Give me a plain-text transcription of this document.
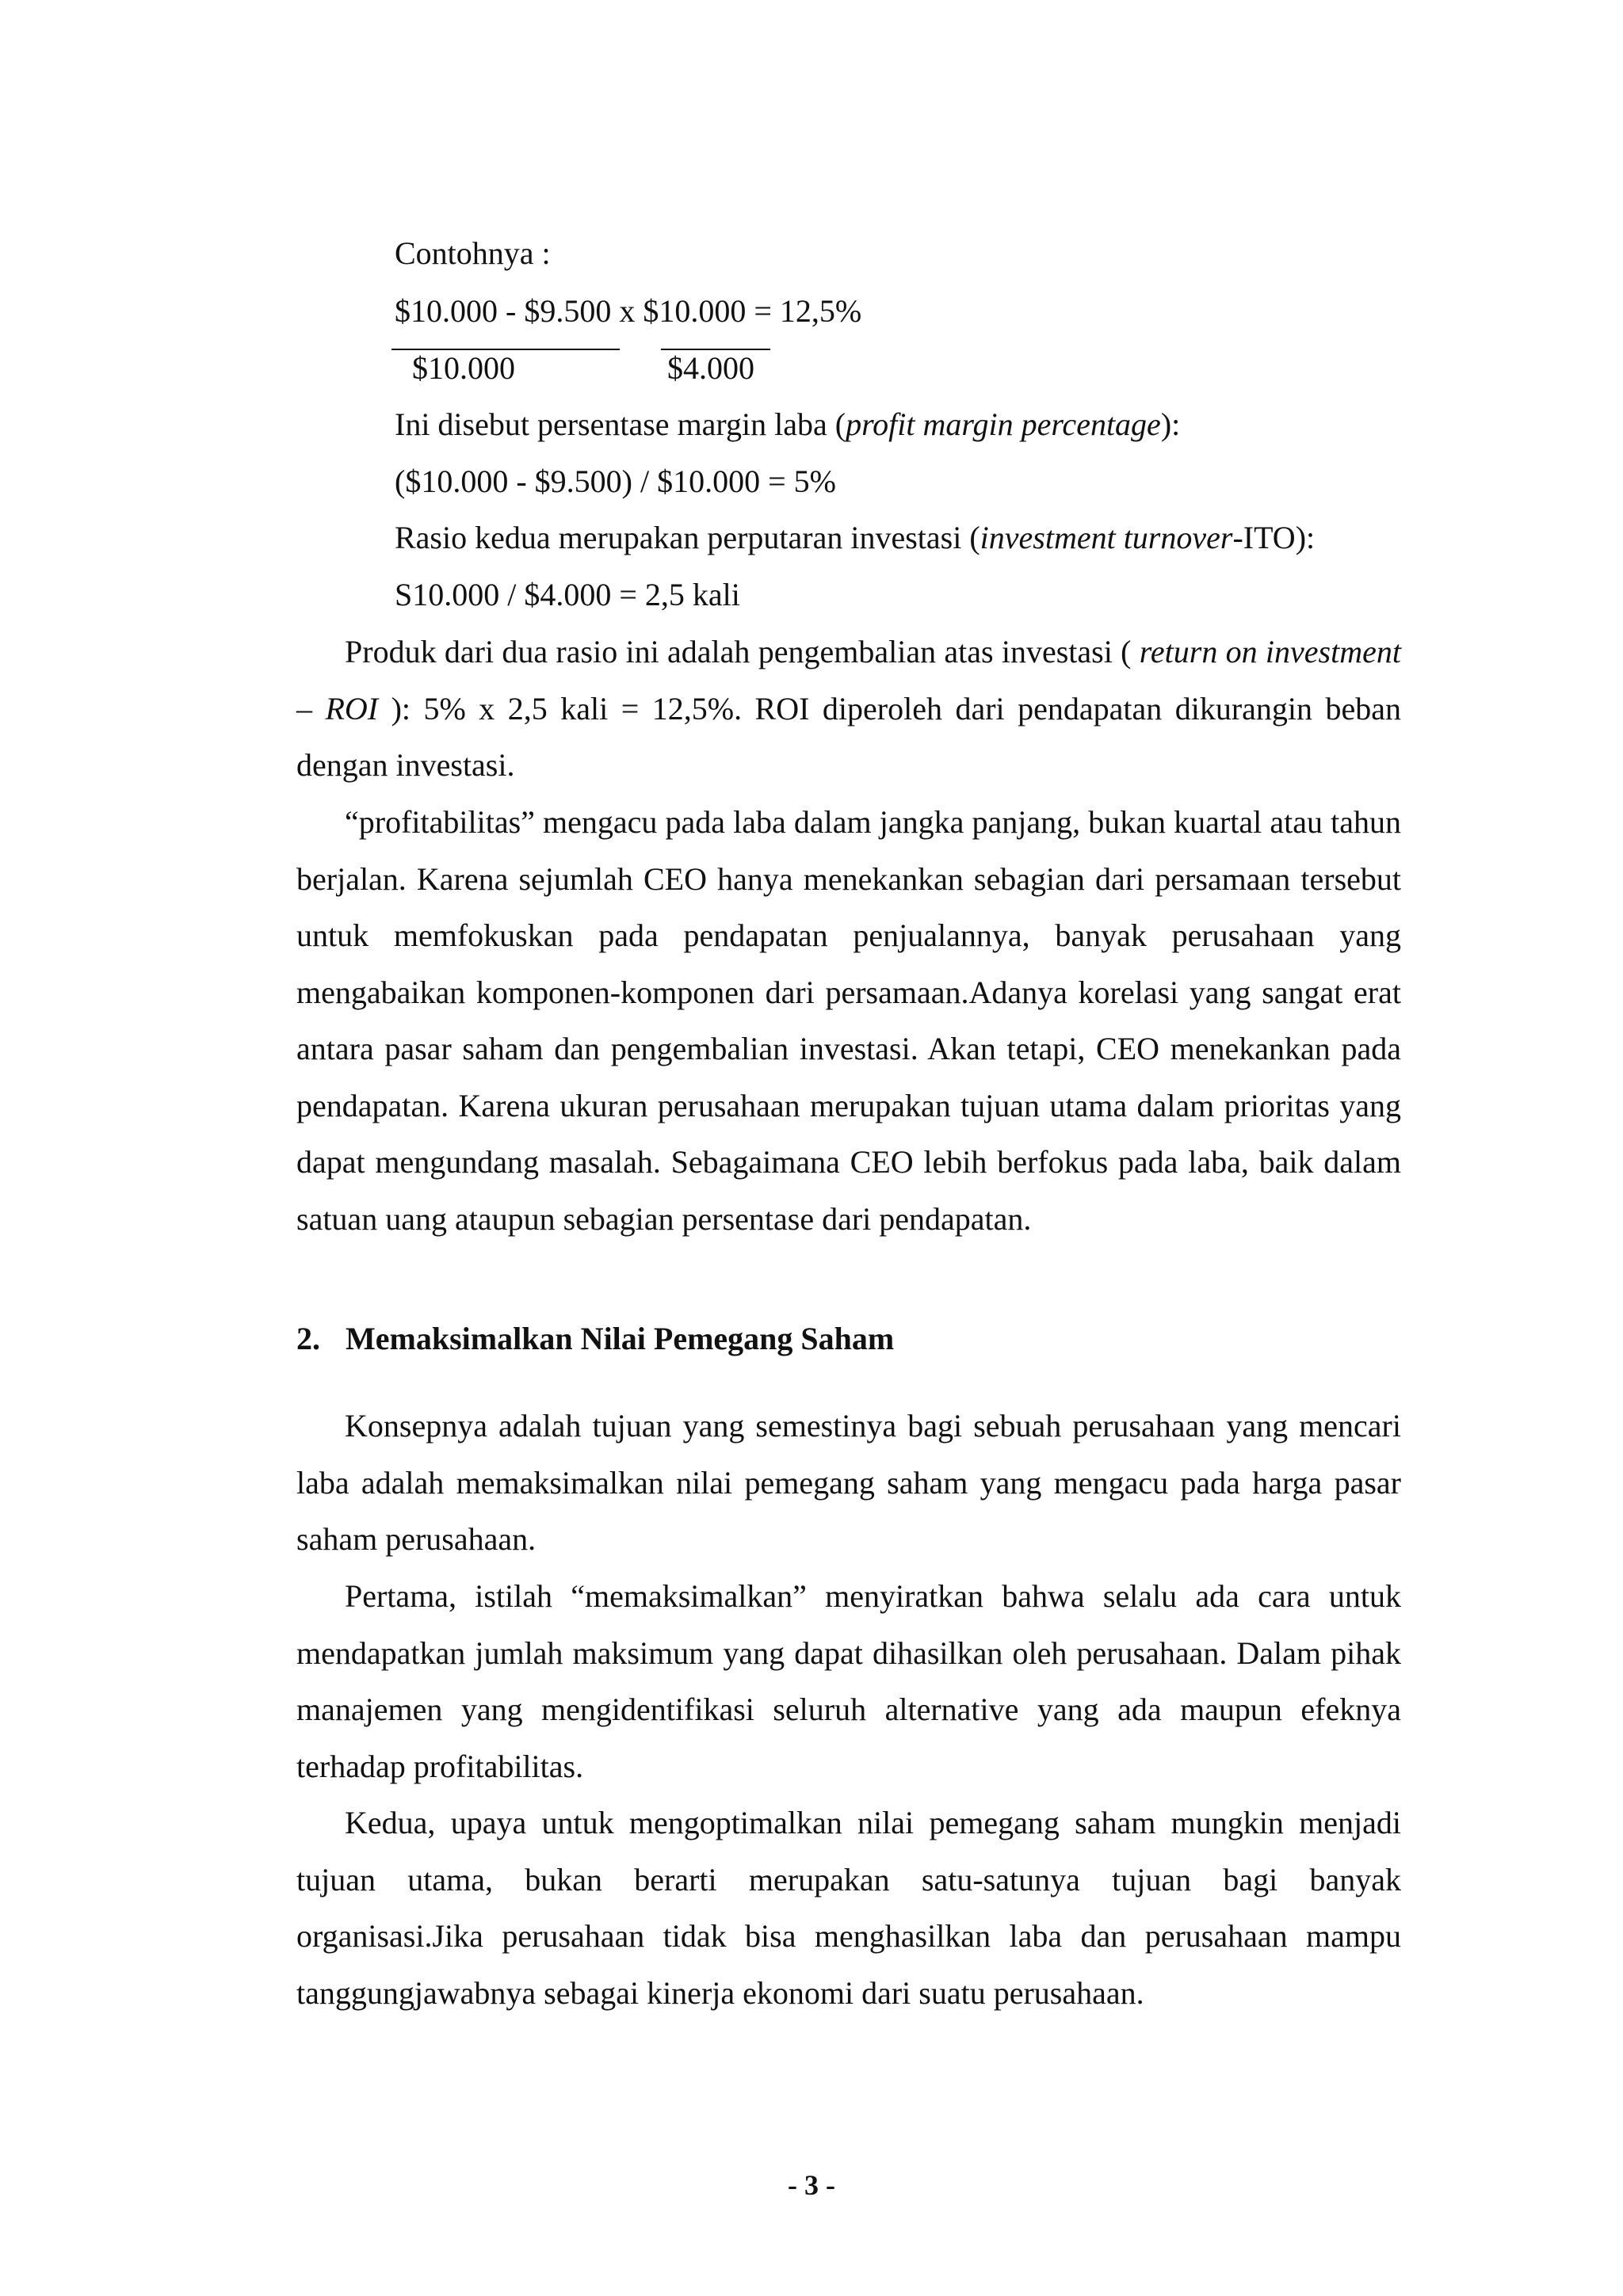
Contohnya :
$10.000 - $9.500 x $10.000 = 12,5%
$10.000	$4.000
Ini disebut persentase margin laba (profit margin percentage):
($10.000 - $9.500) / $10.000 = 5%
Rasio kedua merupakan perputaran investasi (investment turnover-ITO):
S10.000 / $4.000 = 2,5 kali

Produk dari dua rasio ini adalah pengembalian atas investasi ( return on investment – ROI ): 5% x 2,5 kali = 12,5%. ROI diperoleh dari pendapatan dikurangin beban dengan investasi.

“profitabilitas” mengacu pada laba dalam jangka panjang, bukan kuartal atau tahun berjalan. Karena sejumlah CEO hanya menekankan sebagian dari persamaan tersebut untuk memfokuskan pada pendapatan penjualannya, banyak perusahaan yang mengabaikan komponen-komponen dari persamaan.Adanya korelasi yang sangat erat antara pasar saham dan pengembalian investasi. Akan tetapi, CEO menekankan pada pendapatan. Karena ukuran perusahaan merupakan tujuan utama dalam prioritas yang dapat mengundang masalah. Sebagaimana CEO lebih berfokus pada laba, baik dalam satuan uang ataupun sebagian persentase dari pendapatan.

2. Memaksimalkan Nilai Pemegang Saham

Konsepnya adalah tujuan yang semestinya bagi sebuah perusahaan yang mencari laba adalah memaksimalkan nilai pemegang saham yang mengacu pada harga pasar saham perusahaan.

Pertama, istilah “memaksimalkan” menyiratkan bahwa selalu ada cara untuk mendapatkan jumlah maksimum yang dapat dihasilkan oleh perusahaan. Dalam pihak manajemen yang mengidentifikasi seluruh alternative yang ada maupun efeknya terhadap profitabilitas.

Kedua, upaya untuk mengoptimalkan nilai pemegang saham mungkin menjadi tujuan utama, bukan berarti merupakan satu-satunya tujuan bagi banyak organisasi.Jika perusahaan tidak bisa menghasilkan laba dan perusahaan mampu tanggungjawabnya sebagai kinerja ekonomi dari suatu perusahaan.

- 3 -
